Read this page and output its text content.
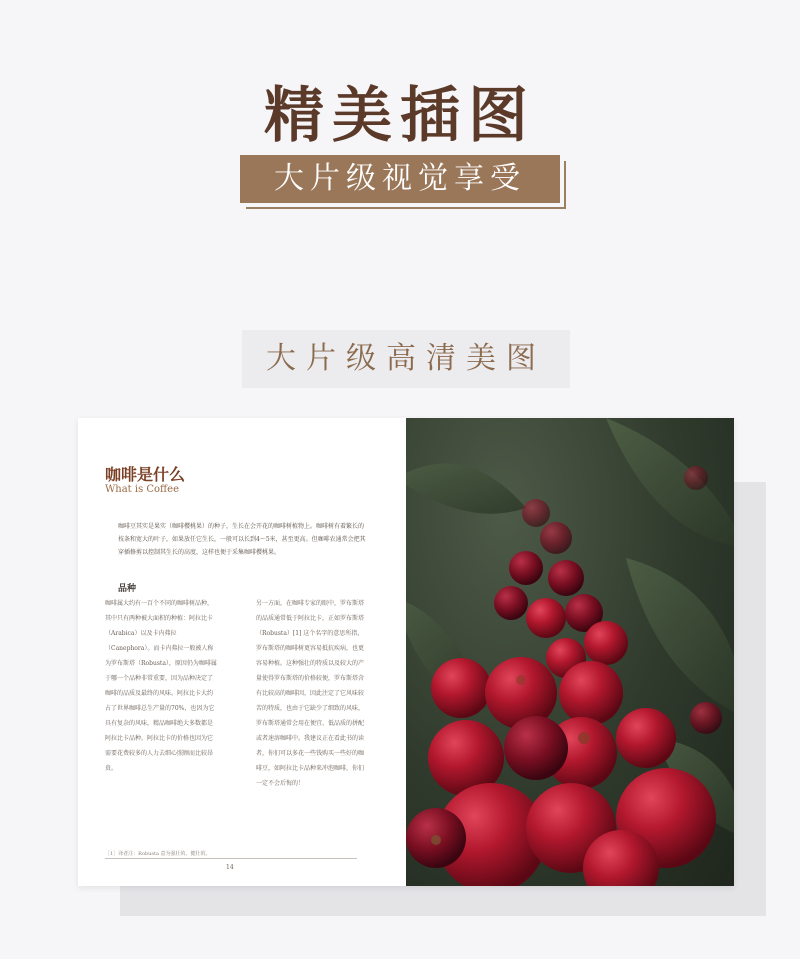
精美插图
大片级视觉享受
大片级高清美图
咖啡是什么
What is Coffee
咖啡豆其实是果实（咖啡樱桃果）的种子，生长在会开花的咖啡树植物上。咖啡树有着繁长的枝条和宽大的叶子，如果放任它生长，一般可以长到4～5米，甚至更高。但咖啡农通常会把其穿插修剪以控制其生长的高度，这样也便于采集咖啡樱桃果。
品种
咖啡属大约有一百个不同的咖啡树品种，其中只有两种被大面积的种植：阿拉比卡（Arabica）以及卡内弗拉（Canephora）。而卡内弗拉一般被人称为罗布斯塔（Robusta），原因仍为咖啡属于哪一个品种非常重要，因为品种决定了咖啡的品质及最终的风味。阿拉比卡大约占了世界咖啡总生产量的70%，也因为它具有复杂的风味，精品咖啡绝大多数都是阿拉比卡品种。阿拉比卡的价格也因为它需要花费较多的人力去细心照顾而比较昂贵。
另一方面，在咖啡专家的眼中，罗布斯塔的品质通常低于阿拉比卡，正如罗布斯塔（Robusta）[1] 这个名字的意思所指，罗布斯塔的咖啡树更容易抵抗疾病，也更容易种植。这种强壮的特质以及较大的产量使得罗布斯塔的价格较便，罗布斯塔含有比较高的咖啡因，因此注定了它风味较苦的特质，也由于它缺少了细致的风味，罗布斯塔通常会用在便宜、低品质的拼配或者速溶咖啡中。我建议正在看此书的读者，你们可以多花一些钱购买一些好的咖啡豆，如阿拉比卡品种来冲泡咖啡，你们一定不会后悔的！
［1］译者注：Robusta 意为强壮的、健壮的。
14
